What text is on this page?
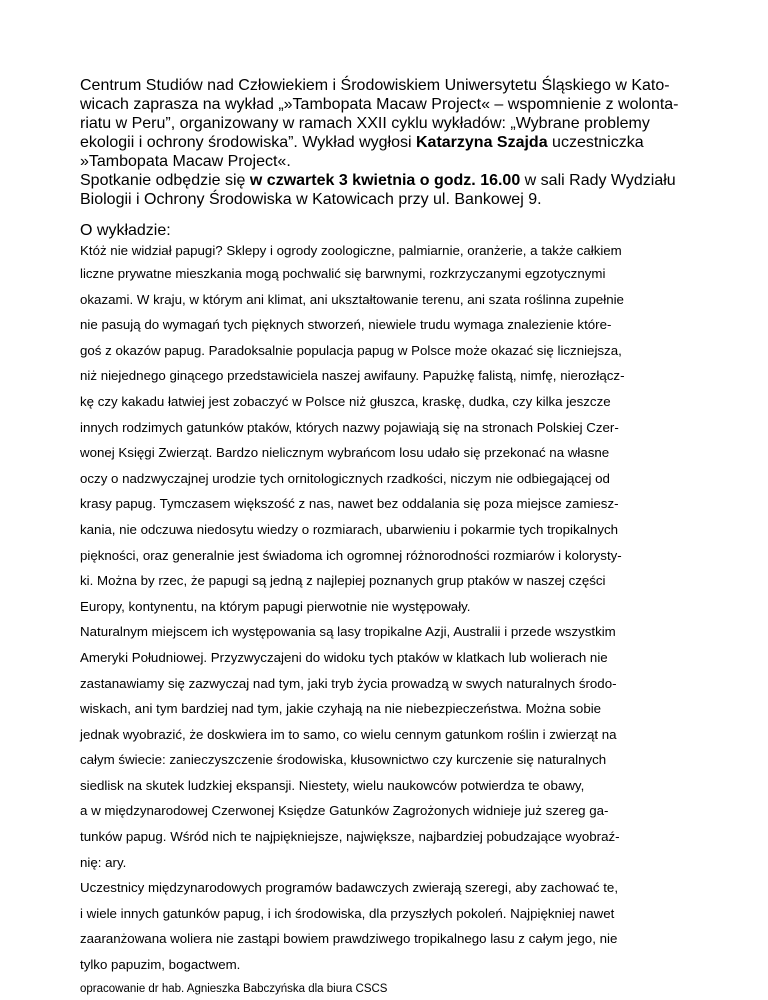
Centrum Studiów nad Człowiekiem i Środowiskiem Uniwersytetu Śląskiego w Kato-
wicach zaprasza na wykład „»Tambopata Macaw Project« – wspomnienie z wolonta-
riatu w Peru”, organizowany w ramach XXII cyklu wykładów: „Wybrane problemy
ekologii i ochrony środowiska”. Wykład wygłosi Katarzyna Szajda uczestniczka
»Tambopata Macaw Project«.
Spotkanie odbędzie się w czwartek 3 kwietnia o godz. 16.00 w sali Rady Wydziału
Biologii i Ochrony Środowiska w Katowicach przy ul. Bankowej 9.
O wykładzie:
Któż nie widział papugi? Sklepy i ogrody zoologiczne, palmiarnie, oranżerie, a także całkiem
liczne prywatne mieszkania mogą pochwalić się barwnymi, rozkrzyczanymi egzotycznymi
okazami. W kraju, w którym ani klimat, ani ukształtowanie terenu, ani szata roślinna zupełnie
nie pasują do wymagań tych pięknych stworzeń, niewiele trudu wymaga znalezienie które-
goś z okazów papug. Paradoksalnie populacja papug w Polsce może okazać się liczniejsza,
niż niejednego ginącego przedstawiciela naszej awifauny. Papużkę falistą, nimfę, nierozłącz-
kę czy kakadu łatwiej jest zobaczyć w Polsce niż głuszca, kraskę, dudka, czy kilka jeszcze
innych rodzimych gatunków ptaków, których nazwy pojawiają się na stronach Polskiej Czer-
wonej Księgi Zwierząt. Bardzo nielicznym wybrańcom losu udało się przekonać na własne
oczy o nadzwyczajnej urodzie tych ornitologicznych rzadkości, niczym nie odbiegającej od
krasy papug. Tymczasem większość z nas, nawet bez oddalania się poza miejsce zamiesz-
kania, nie odczuwa niedosytu wiedzy o rozmiarach, ubarwieniu i pokarmie tych tropikalnych
piękności, oraz generalnie jest świadoma ich ogromnej różnorodności rozmiarów i kolorysty-
ki. Można by rzec, że papugi są jedną z najlepiej poznanych grup ptaków w naszej części
Europy, kontynentu, na którym papugi pierwotnie nie występowały.
Naturalnym miejscem ich występowania są lasy tropikalne Azji, Australii i przede wszystkim
Ameryki Południowej. Przyzwyczajeni do widoku tych ptaków w klatkach lub wolierach nie
zastanawiamy się zazwyczaj nad tym, jaki tryb życia prowadzą w swych naturalnych środo-
wiskach, ani tym bardziej nad tym, jakie czyhają na nie niebezpieczeństwa. Można sobie
jednak wyobrazić, że doskwiera im to samo, co wielu cennym gatunkom roślin i zwierząt na
całym świecie: zanieczyszczenie środowiska, kłusownictwo czy kurczenie się naturalnych
siedlisk na skutek ludzkiej ekspansji. Niestety, wielu naukowców potwierdza te obawy,
a w międzynarodowej Czerwonej Księdze Gatunków Zagrożonych widnieje już szereg ga-
tunków papug. Wśród nich te najpiękniejsze, największe, najbardziej pobudzające wyobraź-
nię: ary.
Uczestnicy międzynarodowych programów badawczych zwierają szeregi, aby zachować te,
i wiele innych gatunków papug, i ich środowiska, dla przyszłych pokoleń. Najpiękniej nawet
zaaranżowana woliera nie zastąpi bowiem prawdziwego tropikalnego lasu z całym jego, nie
tylko papuzim, bogactwem.
opracowanie dr hab. Agnieszka Babczyńska dla biura CSCS
